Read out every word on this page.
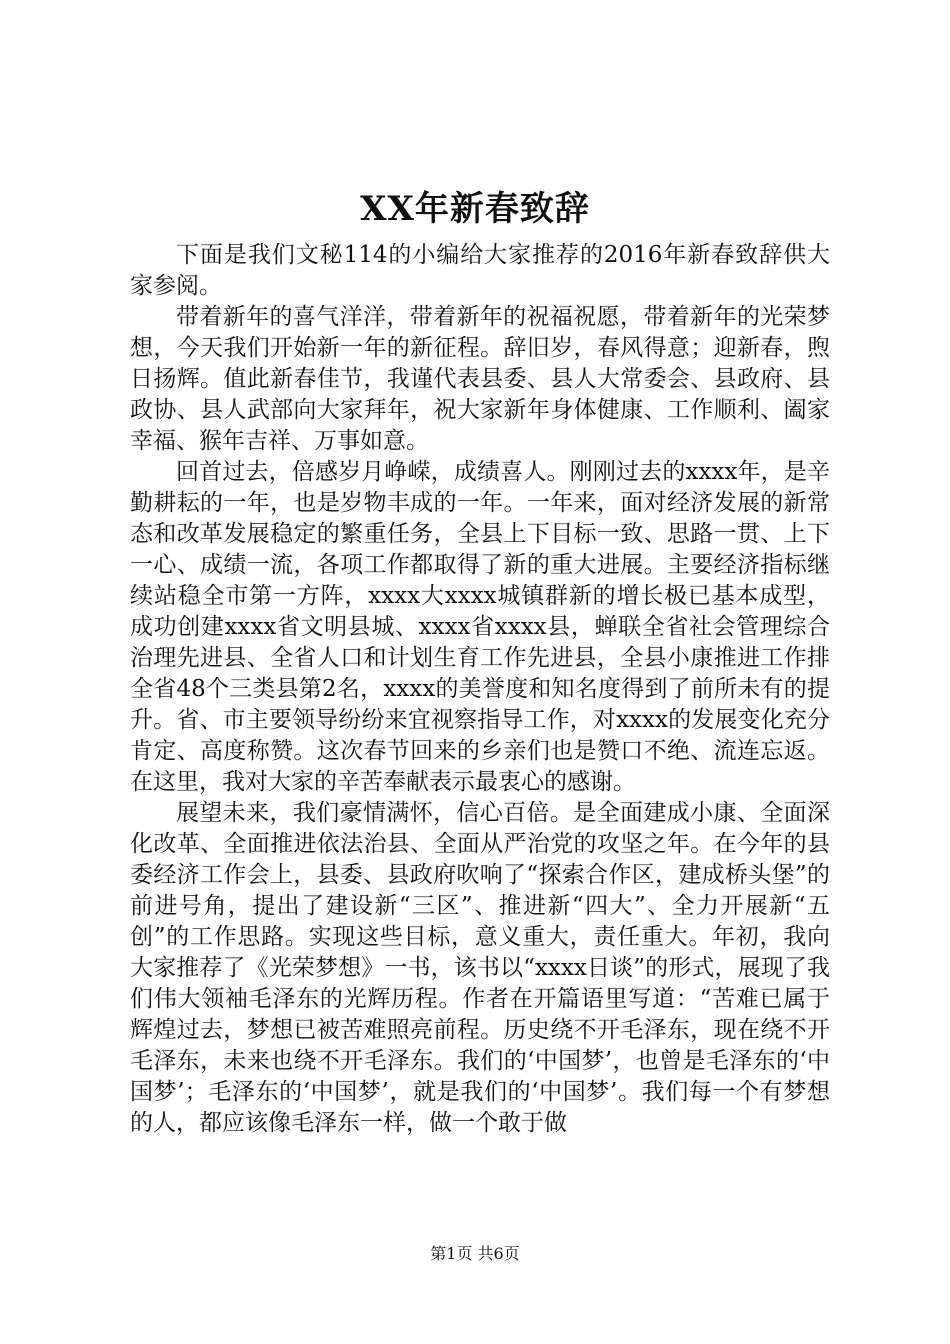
XX年新春致辞

下面是我们文秘114的小编给大家推荐的2016年新春致辞供大家参阅。

带着新年的喜气洋洋，带着新年的祝福祝愿，带着新年的光荣梦想，今天我们开始新一年的新征程。辞旧岁，春风得意；迎新春，煦日扬辉。值此新春佳节，我谨代表县委、县人大常委会、县政府、县政协、县人武部向大家拜年，祝大家新年身体健康、工作顺利、阖家幸福、猴年吉祥、万事如意。

回首过去，倍感岁月峥嵘，成绩喜人。刚刚过去的xxxx年，是辛勤耕耘的一年，也是岁物丰成的一年。一年来，面对经济发展的新常态和改革发展稳定的繁重任务，全县上下目标一致、思路一贯、上下一心、成绩一流，各项工作都取得了新的重大进展。主要经济指标继续站稳全市第一方阵，xxxx大xxxx城镇群新的增长极已基本成型，成功创建xxxx省文明县城、xxxx省xxxx县，蝉联全省社会管理综合治理先进县、全省人口和计划生育工作先进县，全县小康推进工作排全省48个三类县第2名，xxxx的美誉度和知名度得到了前所未有的提升。省、市主要领导纷纷来宜视察指导工作，对xxxx的发展变化充分肯定、高度称赞。这次春节回来的乡亲们也是赞口不绝、流连忘返。在这里，我对大家的辛苦奉献表示最衷心的感谢。

展望未来，我们豪情满怀，信心百倍。是全面建成小康、全面深化改革、全面推进依法治县、全面从严治党的攻坚之年。在今年的县委经济工作会上，县委、县政府吹响了“探索合作区，建成桥头堡”的前进号角，提出了建设新“三区”、推进新“四大”、全力开展新“五创”的工作思路。实现这些目标，意义重大，责任重大。年初，我向大家推荐了《光荣梦想》一书，该书以“xxxx日谈”的形式，展现了我们伟大领袖毛泽东的光辉历程。作者在开篇语里写道：“苦难已属于辉煌过去，梦想已被苦难照亮前程。历史绕不开毛泽东，现在绕不开毛泽东，未来也绕不开毛泽东。我们的‘中国梦’，也曾是毛泽东的‘中国梦’；毛泽东的‘中国梦’，就是我们的‘中国梦’。我们每一个有梦想的人，都应该像毛泽东一样，做一个敢于做

第1页 共6页
